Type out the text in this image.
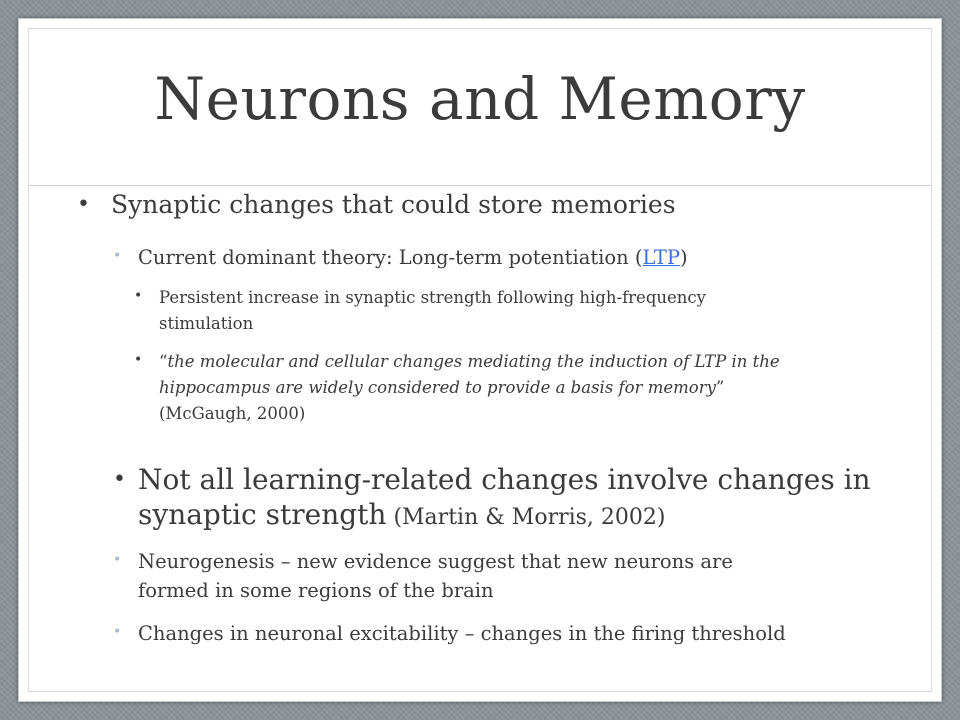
Neurons and Memory
• Synaptic changes that could store memories
• Current dominant theory: Long-term potentiation (LTP)
• Persistent increase in synaptic strength following high-frequency
stimulation
• “the molecular and cellular changes mediating the induction of LTP in the
hippocampus are widely considered to provide a basis for memory”
(McGaugh, 2000)
• Not all learning-related changes involve changes in
synaptic strength (Martin & Morris, 2002)
• Neurogenesis – new evidence suggest that new neurons are
formed in some regions of the brain
• Changes in neuronal excitability – changes in the firing threshold
